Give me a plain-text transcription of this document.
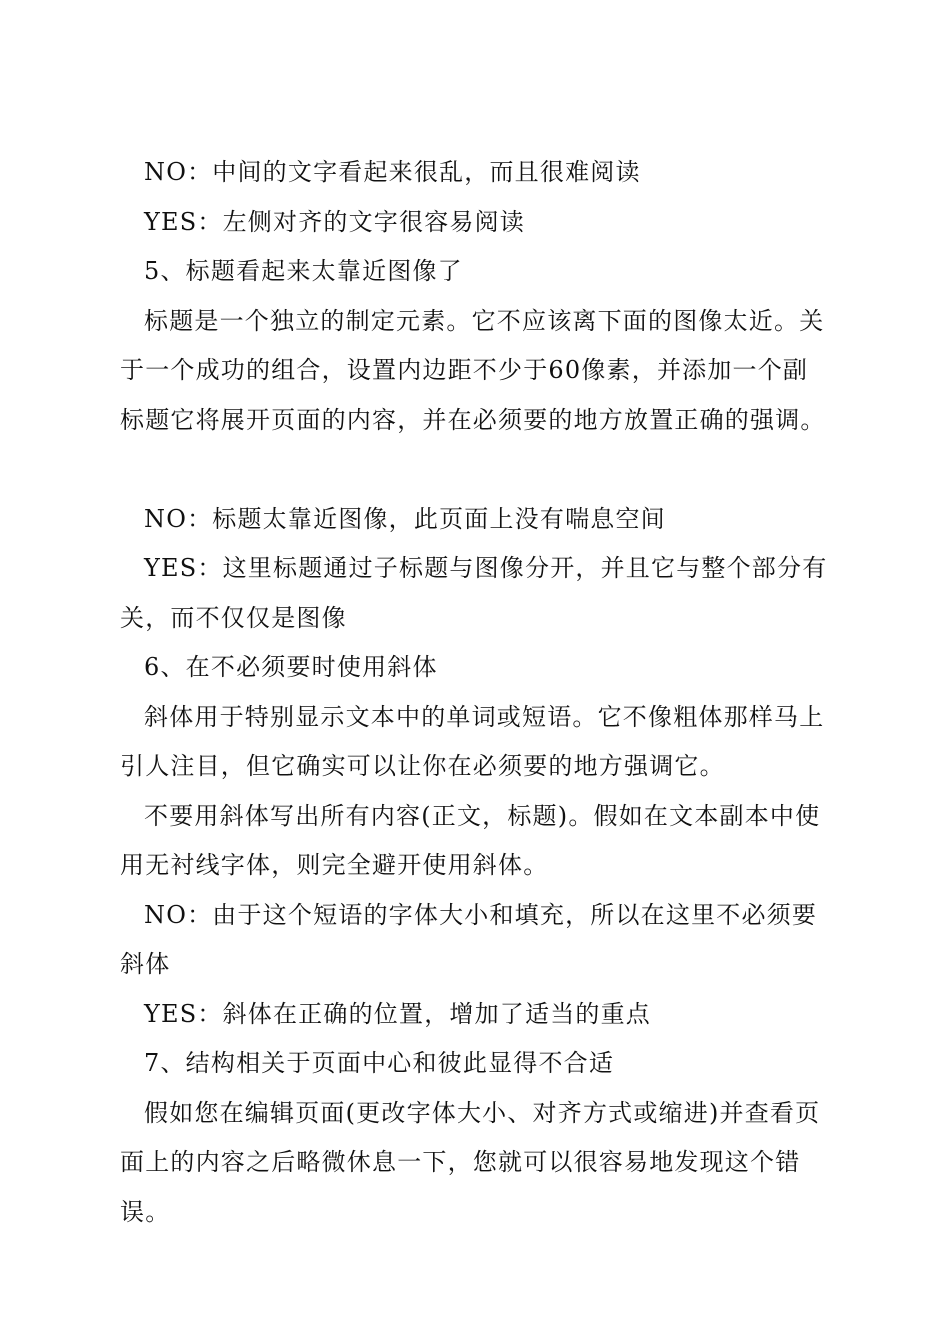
NO：中间的文字看起来很乱，而且很难阅读

YES：左侧对齐的文字很容易阅读

5、标题看起来太靠近图像了

标题是一个独立的制定元素。它不应该离下面的图像太近。关于一个成功的组合，设置内边距不少于60像素，并添加一个副标题它将展开页面的内容，并在必须要的地方放置正确的强调。

NO：标题太靠近图像，此页面上没有喘息空间

YES：这里标题通过子标题与图像分开，并且它与整个部分有关，而不仅仅是图像

6、在不必须要时使用斜体

斜体用于特别显示文本中的单词或短语。它不像粗体那样马上引人注目，但它确实可以让你在必须要的地方强调它。

不要用斜体写出所有内容(正文，标题)。假如在文本副本中使用无衬线字体，则完全避开使用斜体。

NO：由于这个短语的字体大小和填充，所以在这里不必须要斜体

YES：斜体在正确的位置，增加了适当的重点

7、结构相关于页面中心和彼此显得不合适

假如您在编辑页面(更改字体大小、对齐方式或缩进)并查看页面上的内容之后略微休息一下，您就可以很容易地发现这个错误。
